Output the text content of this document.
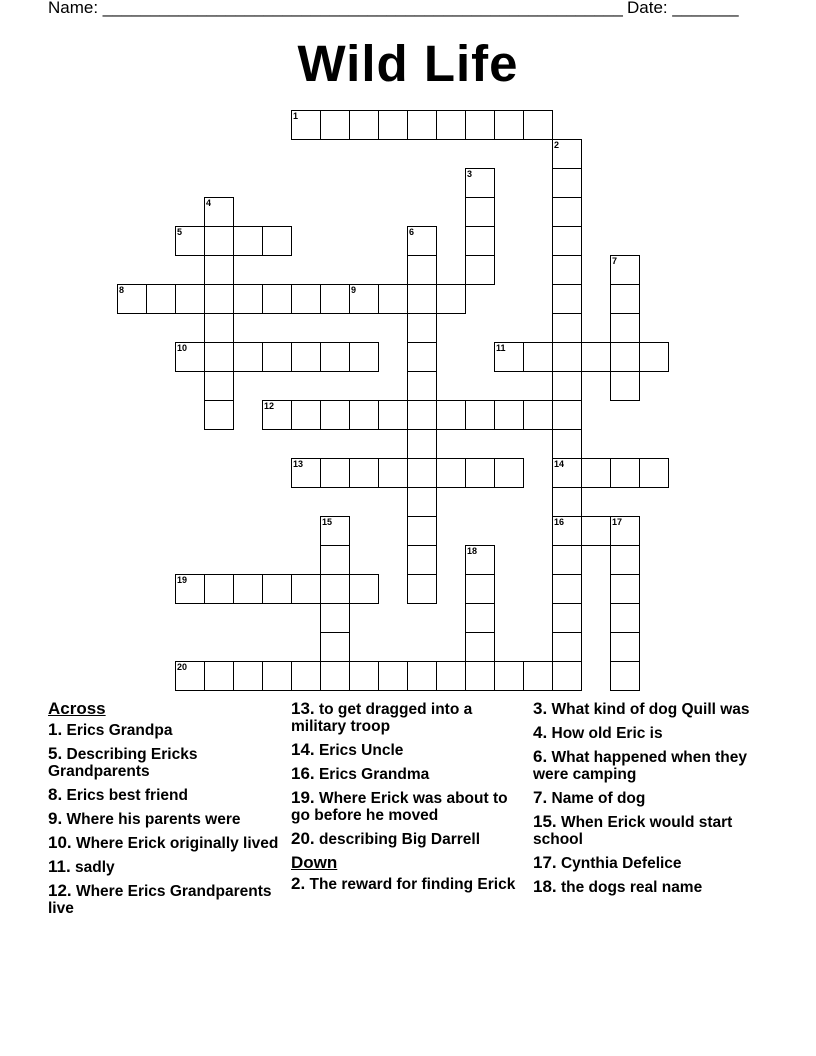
Name: _______________________________________________________ Date: _______
Wild Life
1
2
3
4
5	6
7
8	9
10	11
12
13	14
15	16	17
18
19
20
Across
1. Erics Grandpa
5. Describing Ericks Grandparents
8. Erics best friend
9. Where his parents were
10. Where Erick originally lived
11. sadly
12. Where Erics Grandparents live
13. to get dragged into a military troop
14. Erics Uncle
16. Erics Grandma
19. Where Erick was about to go before he moved
20. describing Big Darrell
Down
2. The reward for finding Erick
3. What kind of dog Quill was
4. How old Eric is
6. What happened when they were camping
7. Name of dog
15. When Erick would start school
17. Cynthia Defelice
18. the dogs real name
